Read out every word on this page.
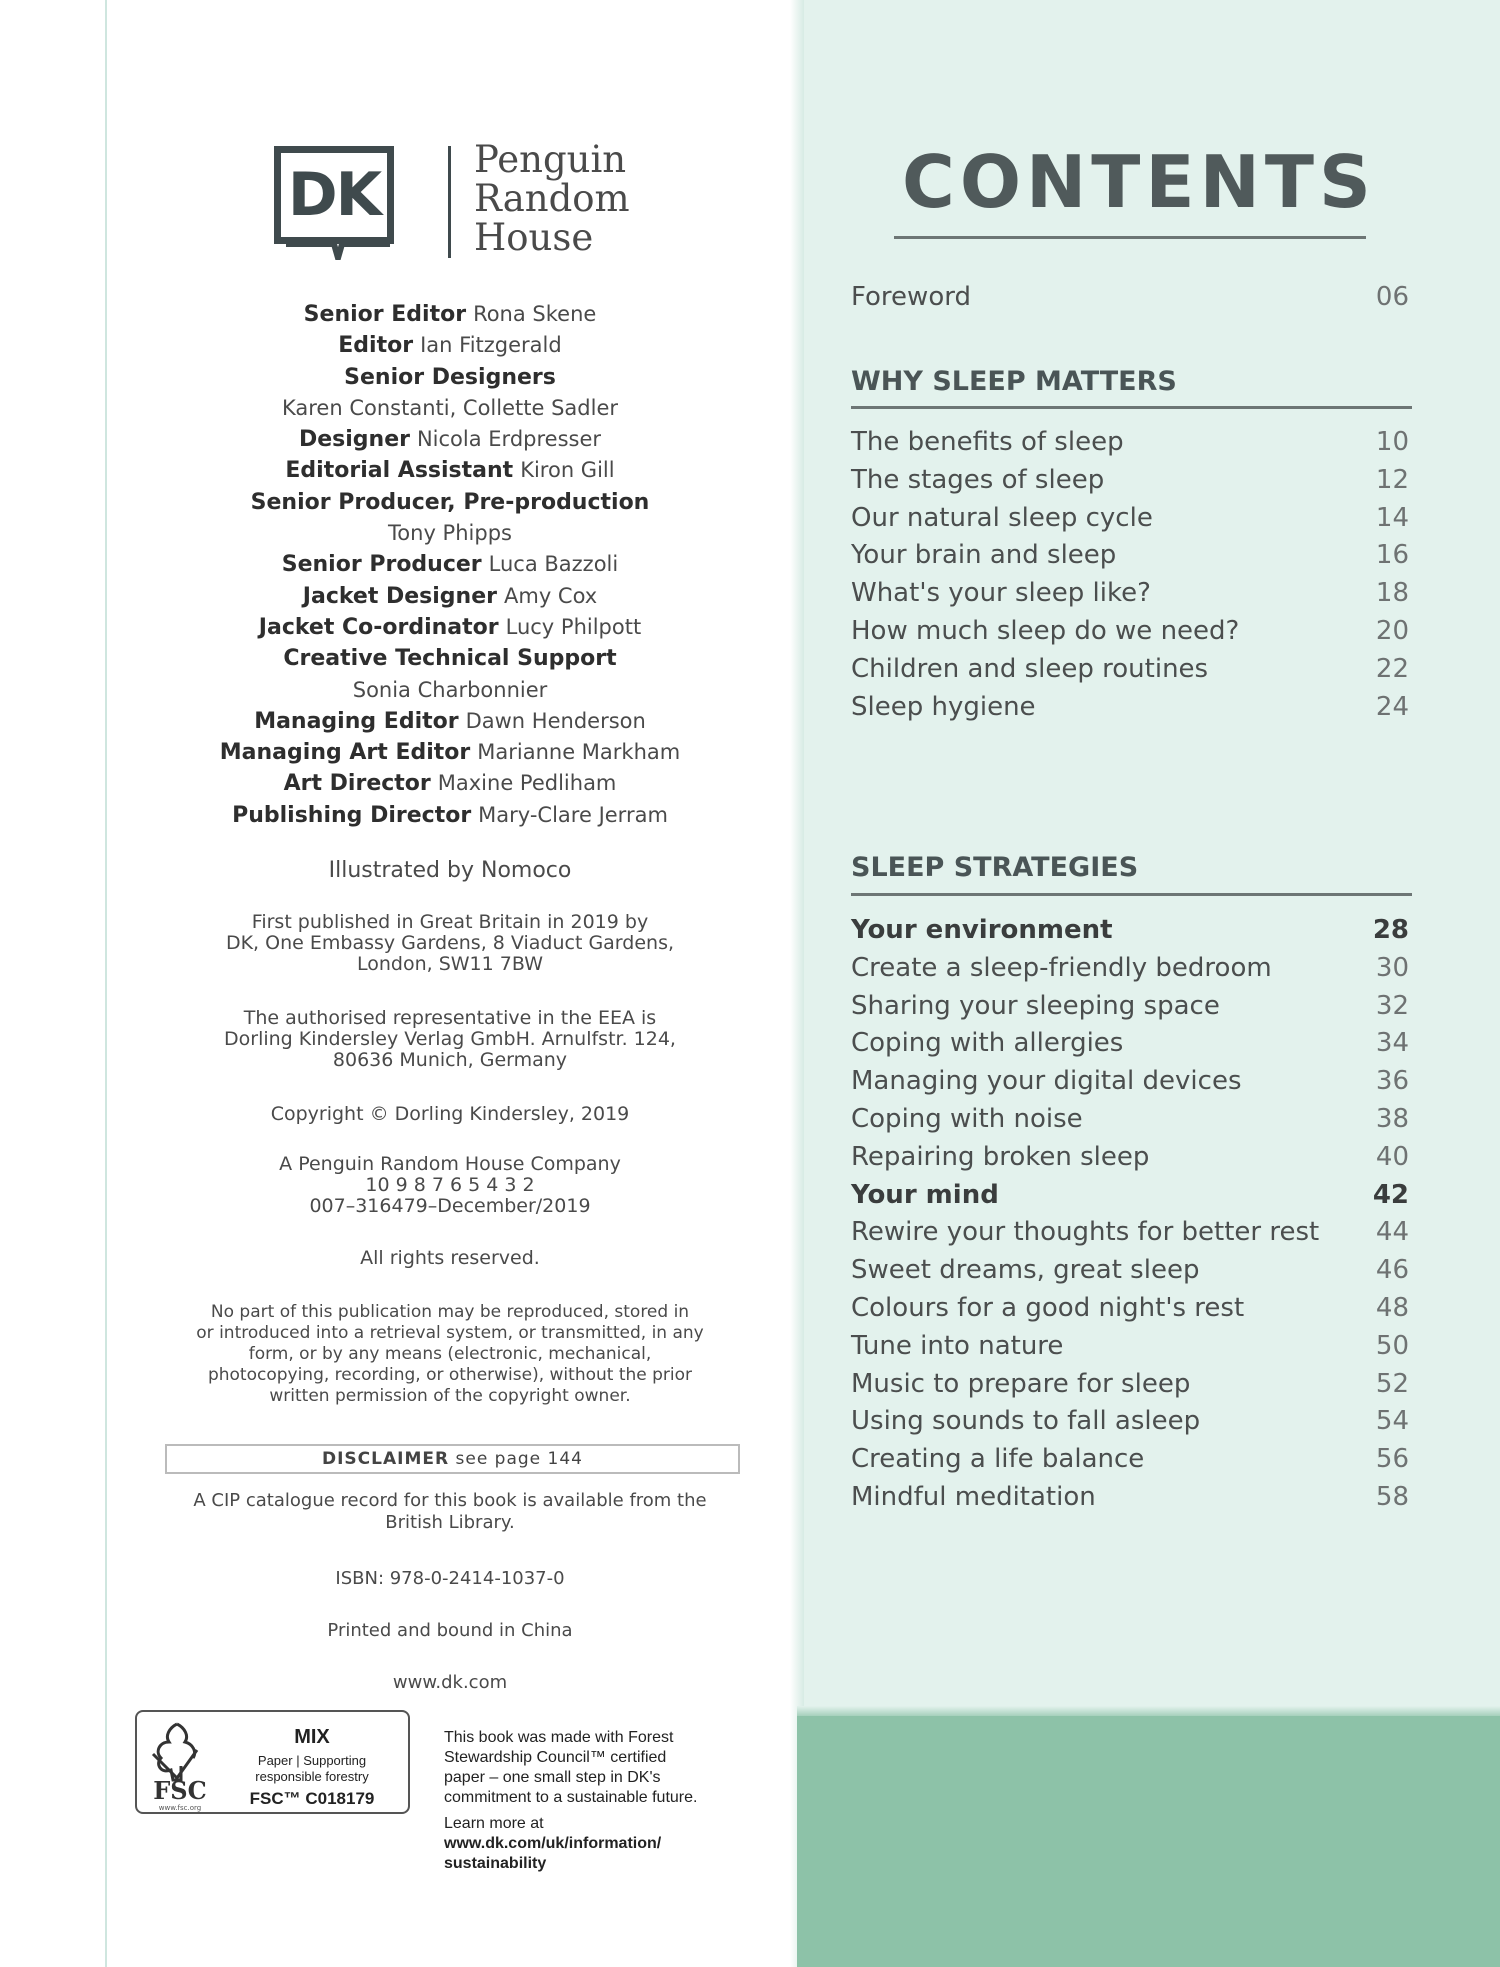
DK
Penguin
Random
House
Senior Editor Rona Skene
Editor Ian Fitzgerald
Senior Designers
Karen Constanti, Collette Sadler
Designer Nicola Erdpresser
Editorial Assistant Kiron Gill
Senior Producer, Pre-production
Tony Phipps
Senior Producer Luca Bazzoli
Jacket Designer Amy Cox
Jacket Co-ordinator Lucy Philpott
Creative Technical Support
Sonia Charbonnier
Managing Editor Dawn Henderson
Managing Art Editor Marianne Markham
Art Director Maxine Pedliham
Publishing Director Mary-Clare Jerram
Illustrated by Nomoco
First published in Great Britain in 2019 by
DK, One Embassy Gardens, 8 Viaduct Gardens,
London, SW11 7BW
The authorised representative in the EEA is
Dorling Kindersley Verlag GmbH. Arnulfstr. 124,
80636 Munich, Germany
Copyright © Dorling Kindersley, 2019
A Penguin Random House Company
10 9 8 7 6 5 4 3 2
007–316479–December/2019
All rights reserved.
No part of this publication may be reproduced, stored in
or introduced into a retrieval system, or transmitted, in any
form, or by any means (electronic, mechanical,
photocopying, recording, or otherwise), without the prior
written permission of the copyright owner.
DISCLAIMER see page 144
A CIP catalogue record for this book is available from the
British Library.
ISBN: 978-0-2414-1037-0
Printed and bound in China
www.dk.com
FSC
www.fsc.org
MIX
Paper | Supporting
responsible forestry
FSC™ C018179
This book was made with Forest
Stewardship Council™ certified
paper – one small step in DK's
commitment to a sustainable future.
Learn more at
www.dk.com/uk/information/
sustainability
CONTENTS
Foreword	06
WHY SLEEP MATTERS
The benefits of sleep	10
The stages of sleep	12
Our natural sleep cycle	14
Your brain and sleep	16
What's your sleep like?	18
How much sleep do we need?	20
Children and sleep routines	22
Sleep hygiene	24
SLEEP STRATEGIES
Your environment	28
Create a sleep-friendly bedroom	30
Sharing your sleeping space	32
Coping with allergies	34
Managing your digital devices	36
Coping with noise	38
Repairing broken sleep	40
Your mind	42
Rewire your thoughts for better rest 44
Sweet dreams, great sleep	46
Colours for a good night's rest	48
Tune into nature	50
Music to prepare for sleep	52
Using sounds to fall asleep	54
Creating a life balance	56
Mindful meditation	58
